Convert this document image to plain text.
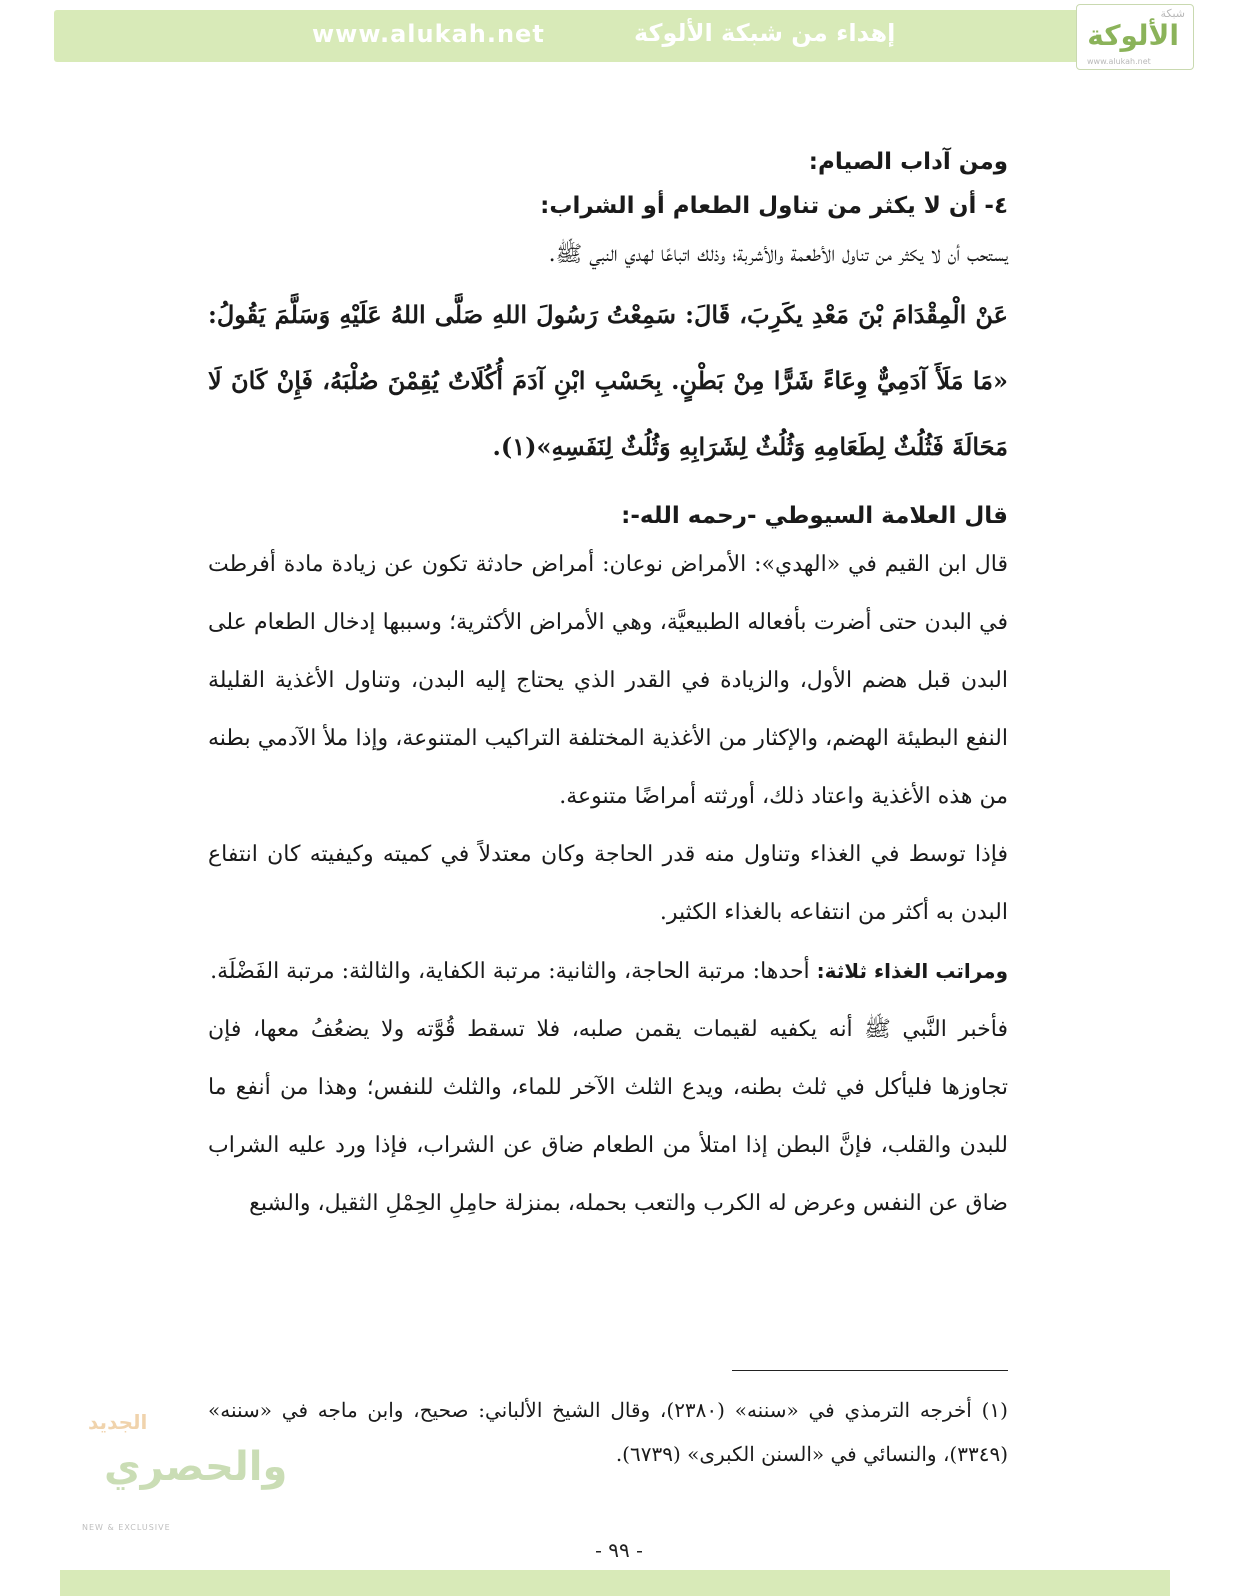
www.alukah.net	إهداء من شبكة الألوكة
شبكة
الألوكة
www.alukah.net

ومن آداب الصيام:

٤- أن لا يكثر من تناول الطعام أو الشراب:

يستحب أن لا يكثر من تناول الأطعمة والأشربة؛ وذلك اتباعًا لهدي النبي ﷺ.

عَنْ الْمِقْدَامَ بْنَ مَعْدِ يكَرِبَ، قَالَ: سَمِعْتُ رَسُولَ اللهِ صَلَّى اللهُ عَلَيْهِ وَسَلَّمَ يَقُولُ: «مَا مَلَأَ آدَمِيٌّ وِعَاءً شَرًّا مِنْ بَطْنٍ. بِحَسْبِ ابْنِ آدَمَ أُكُلَاتٌ يُقِمْنَ صُلْبَهُ، فَإِنْ كَانَ لَا مَحَالَةَ فَثُلُثٌ لِطَعَامِهِ وَثُلُثٌ لِشَرَابِهِ وَثُلُثٌ لِنَفَسِهِ»(١).

قال العلامة السيوطي -رحمه الله-:

قال ابن القيم في «الهدي»: الأمراض نوعان: أمراض حادثة تكون عن زيادة مادة أفرطت في البدن حتى أضرت بأفعاله الطبيعيَّة، وهي الأمراض الأكثرية؛ وسببها إدخال الطعام على البدن قبل هضم الأول، والزيادة في القدر الذي يحتاج إليه البدن، وتناول الأغذية القليلة النفع البطيئة الهضم، والإكثار من الأغذية المختلفة التراكيب المتنوعة، وإذا ملأ الآدمي بطنه من هذه الأغذية واعتاد ذلك، أورثته أمراضًا متنوعة.

فإذا توسط في الغذاء وتناول منه قدر الحاجة وكان معتدلاً في كميته وكيفيته كان انتفاع البدن به أكثر من انتفاعه بالغذاء الكثير.

ومراتب الغذاء ثلاثة: أحدها: مرتبة الحاجة، والثانية: مرتبة الكفاية، والثالثة: مرتبة الفَضْلَة.

فأخبر النَّبي ﷺ أنه يكفيه لقيمات يقمن صلبه، فلا تسقط قُوَّته ولا يضعُفُ معها، فإن تجاوزها فليأكل في ثلث بطنه، ويدع الثلث الآخر للماء، والثلث للنفس؛ وهذا من أنفع ما للبدن والقلب، فإنَّ البطن إذا امتلأ من الطعام ضاق عن الشراب، فإذا ورد عليه الشراب ضاق عن النفس وعرض له الكرب والتعب بحمله، بمنزلة حامِلِ الحِمْلِ الثقيل، والشبع

(١) أخرجه الترمذي في «سننه» (٢٣٨٠)، وقال الشيخ الألباني: صحيح، وابن ماجه في «سننه» (٣٣٤٩)، والنسائي في «السنن الكبرى» (٦٧٣٩).
الجديد
والحصري
NEW & EXCLUSIVE
- ٩٩ -
